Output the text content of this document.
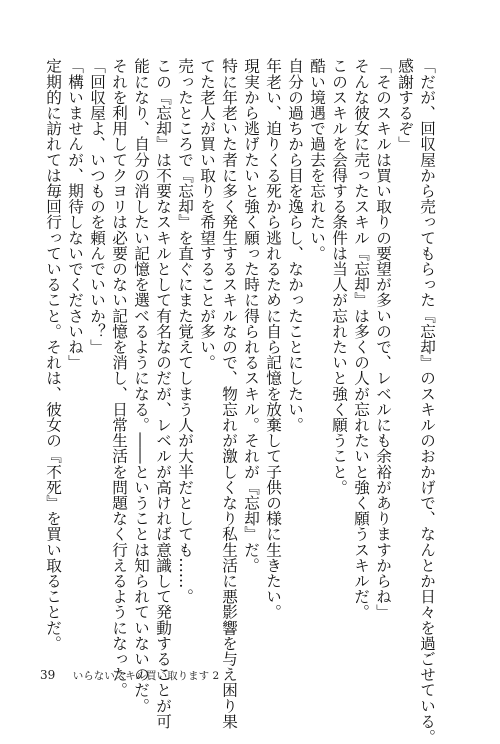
「だが、回収屋から売ってもらった『忘却』のスキルのおかげで、なんとか日々を過ごせている。

感謝するぞ」

「そのスキルは買い取りの要望が多いので、レベルにも余裕がありますからね」

そんな彼女に売ったスキル『忘却』は多くの人が忘れたいと強く願うスキルだ。

このスキルを会得する条件は当人が忘れたいと強く願うこと。

酷い境遇で過去を忘れたい。

自分の過ちから目を逸らし、なかったことにしたい。

年老い、迫りくる死から逃れるために自ら記憶を放棄して子供の様に生きたい。

現実から逃げたいと強く願った時に得られるスキル。それが『忘却』だ。

特に年老いた者に多く発生するスキルなので、物忘れが激しくなり私生活に悪影響を与え困り果

てた老人が買い取りを希望することが多い。

売ったところで『忘却』を直ぐにまた覚えてしまう人が大半だとしても……。

この『忘却』は不要なスキルとして有名なのだが、レベルが高ければ意識して発動することが可

能になり、自分の消したい記憶を選べるようになる。――ということは知られていないのだ。

それを利用してクヨリは必要のない記憶を消し、日常生活を問題なく行えるようになった。

「回収屋よ、いつものを頼んでいいか？」

「構いませんが、期待しないでくださいね」

定期的に訪れては毎回行っていること。それは、彼女の『不死』を買い取ることだ。

39 いらないスキル買い取ります 2
